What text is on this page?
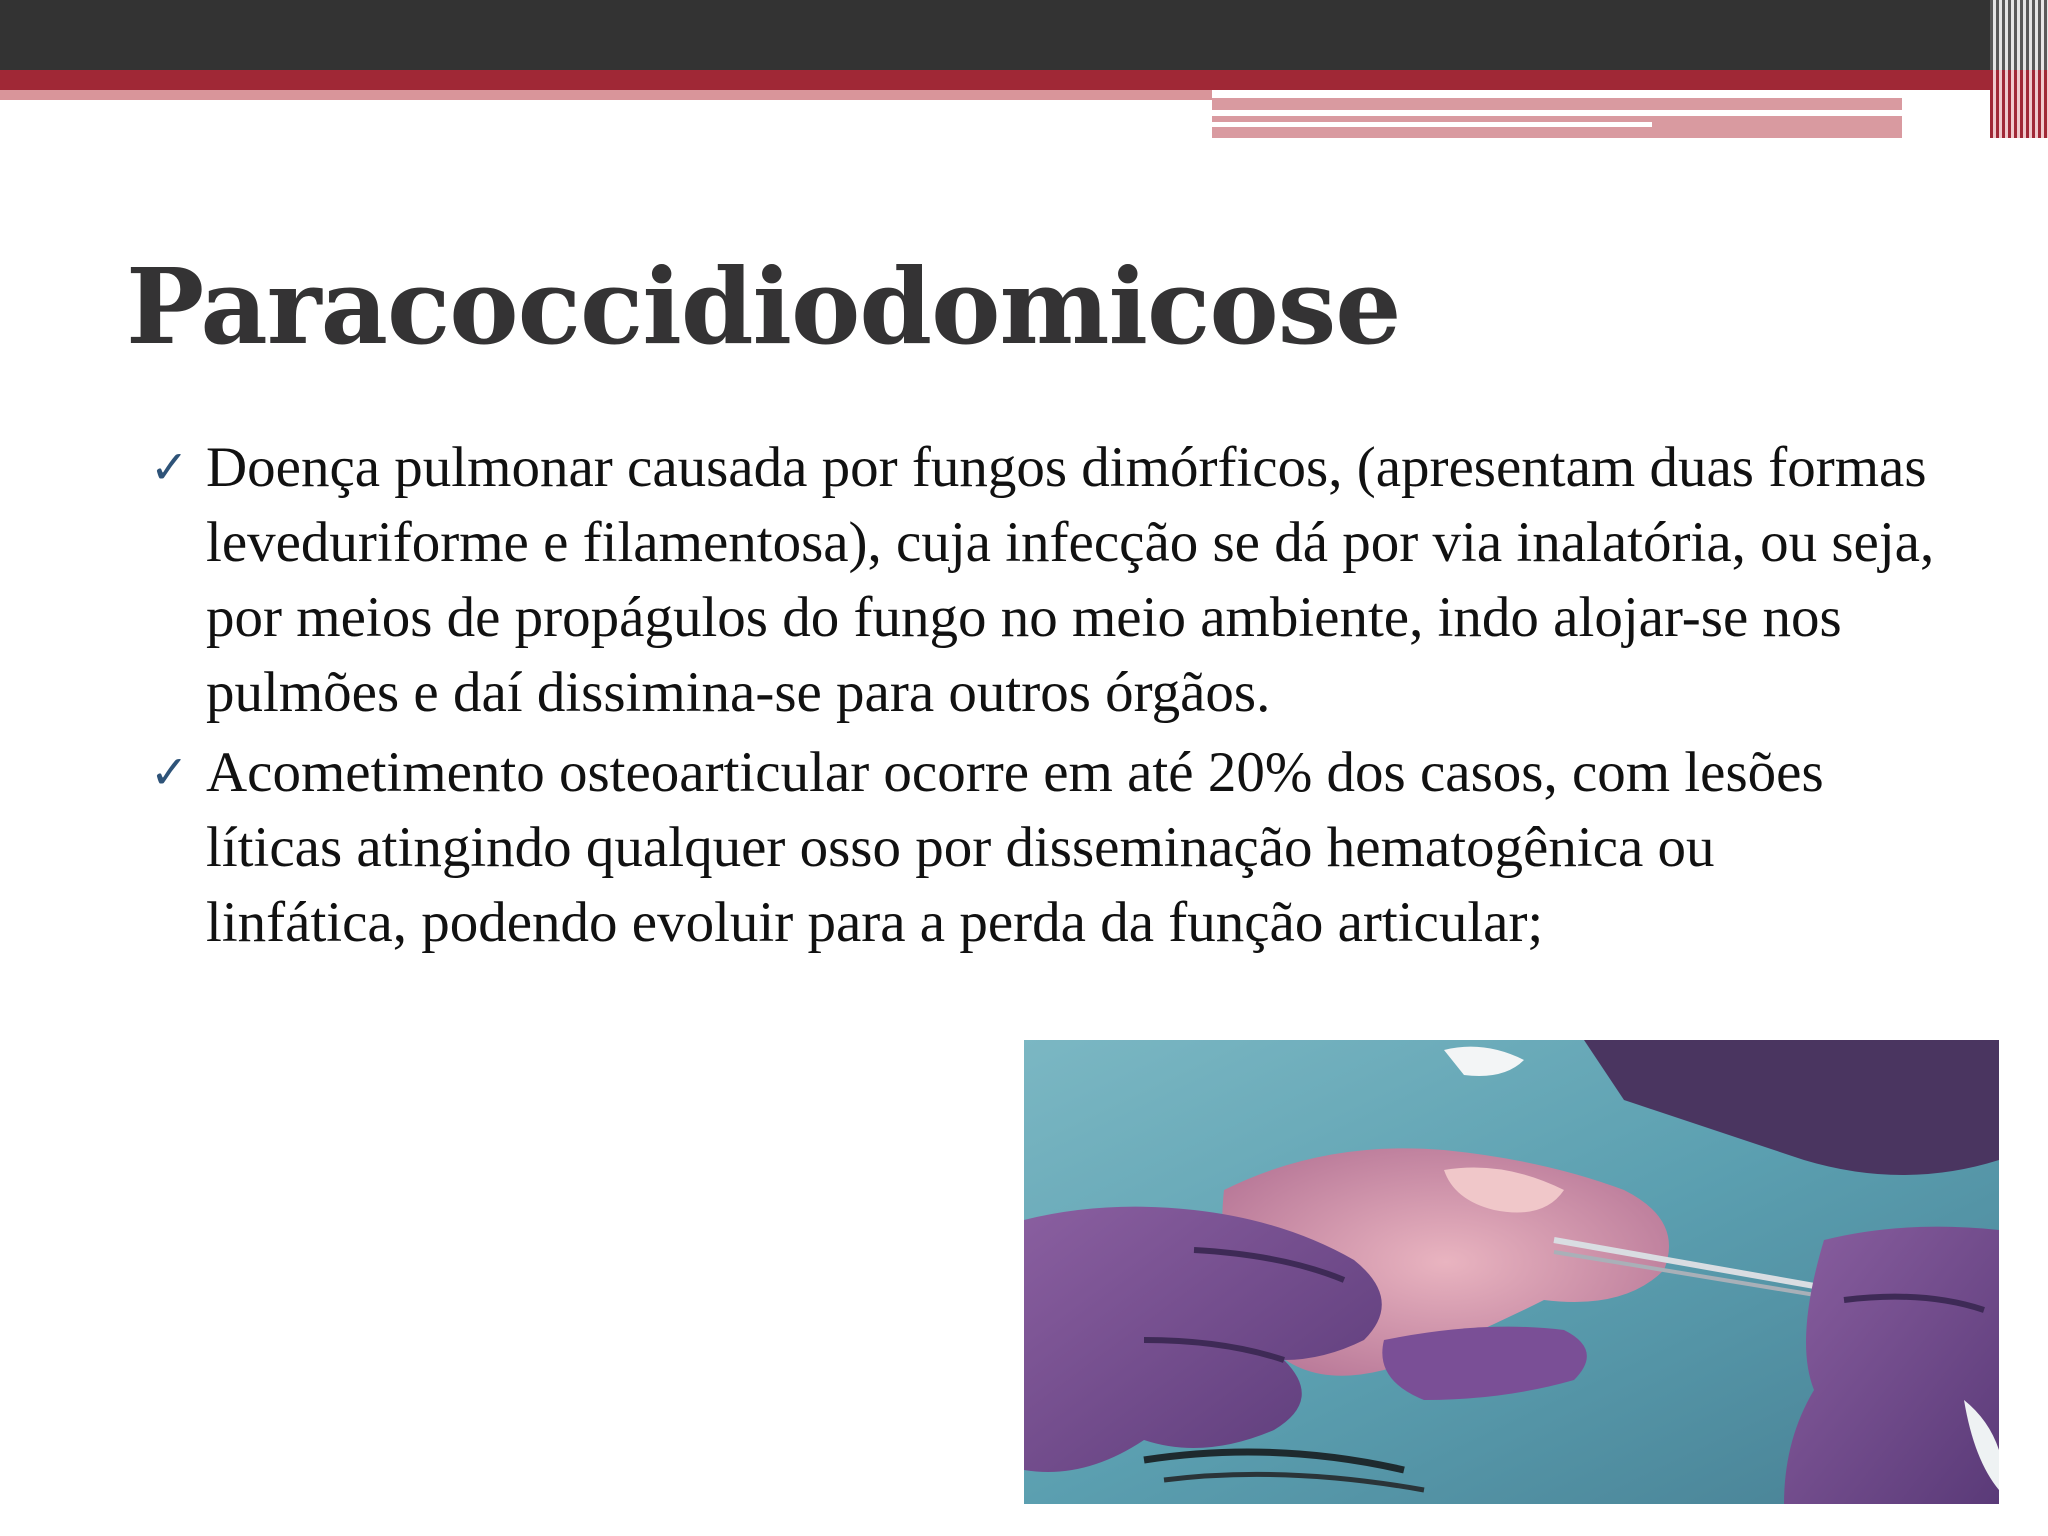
Paracoccidiodomicose
✓ Doença pulmonar causada por fungos dimórficos, (apresentam duas formas leveduriforme e filamentosa), cuja infecção se dá por via inalatória, ou seja, por meios de propágulos do fungo no meio ambiente, indo alojar-se nos pulmões e daí dissimina-se para outros órgãos.
✓ Acometimento osteoarticular ocorre em até 20% dos casos, com lesões líticas atingindo qualquer osso por disseminação hematogênica ou linfática, podendo evoluir para a perda da função articular;
